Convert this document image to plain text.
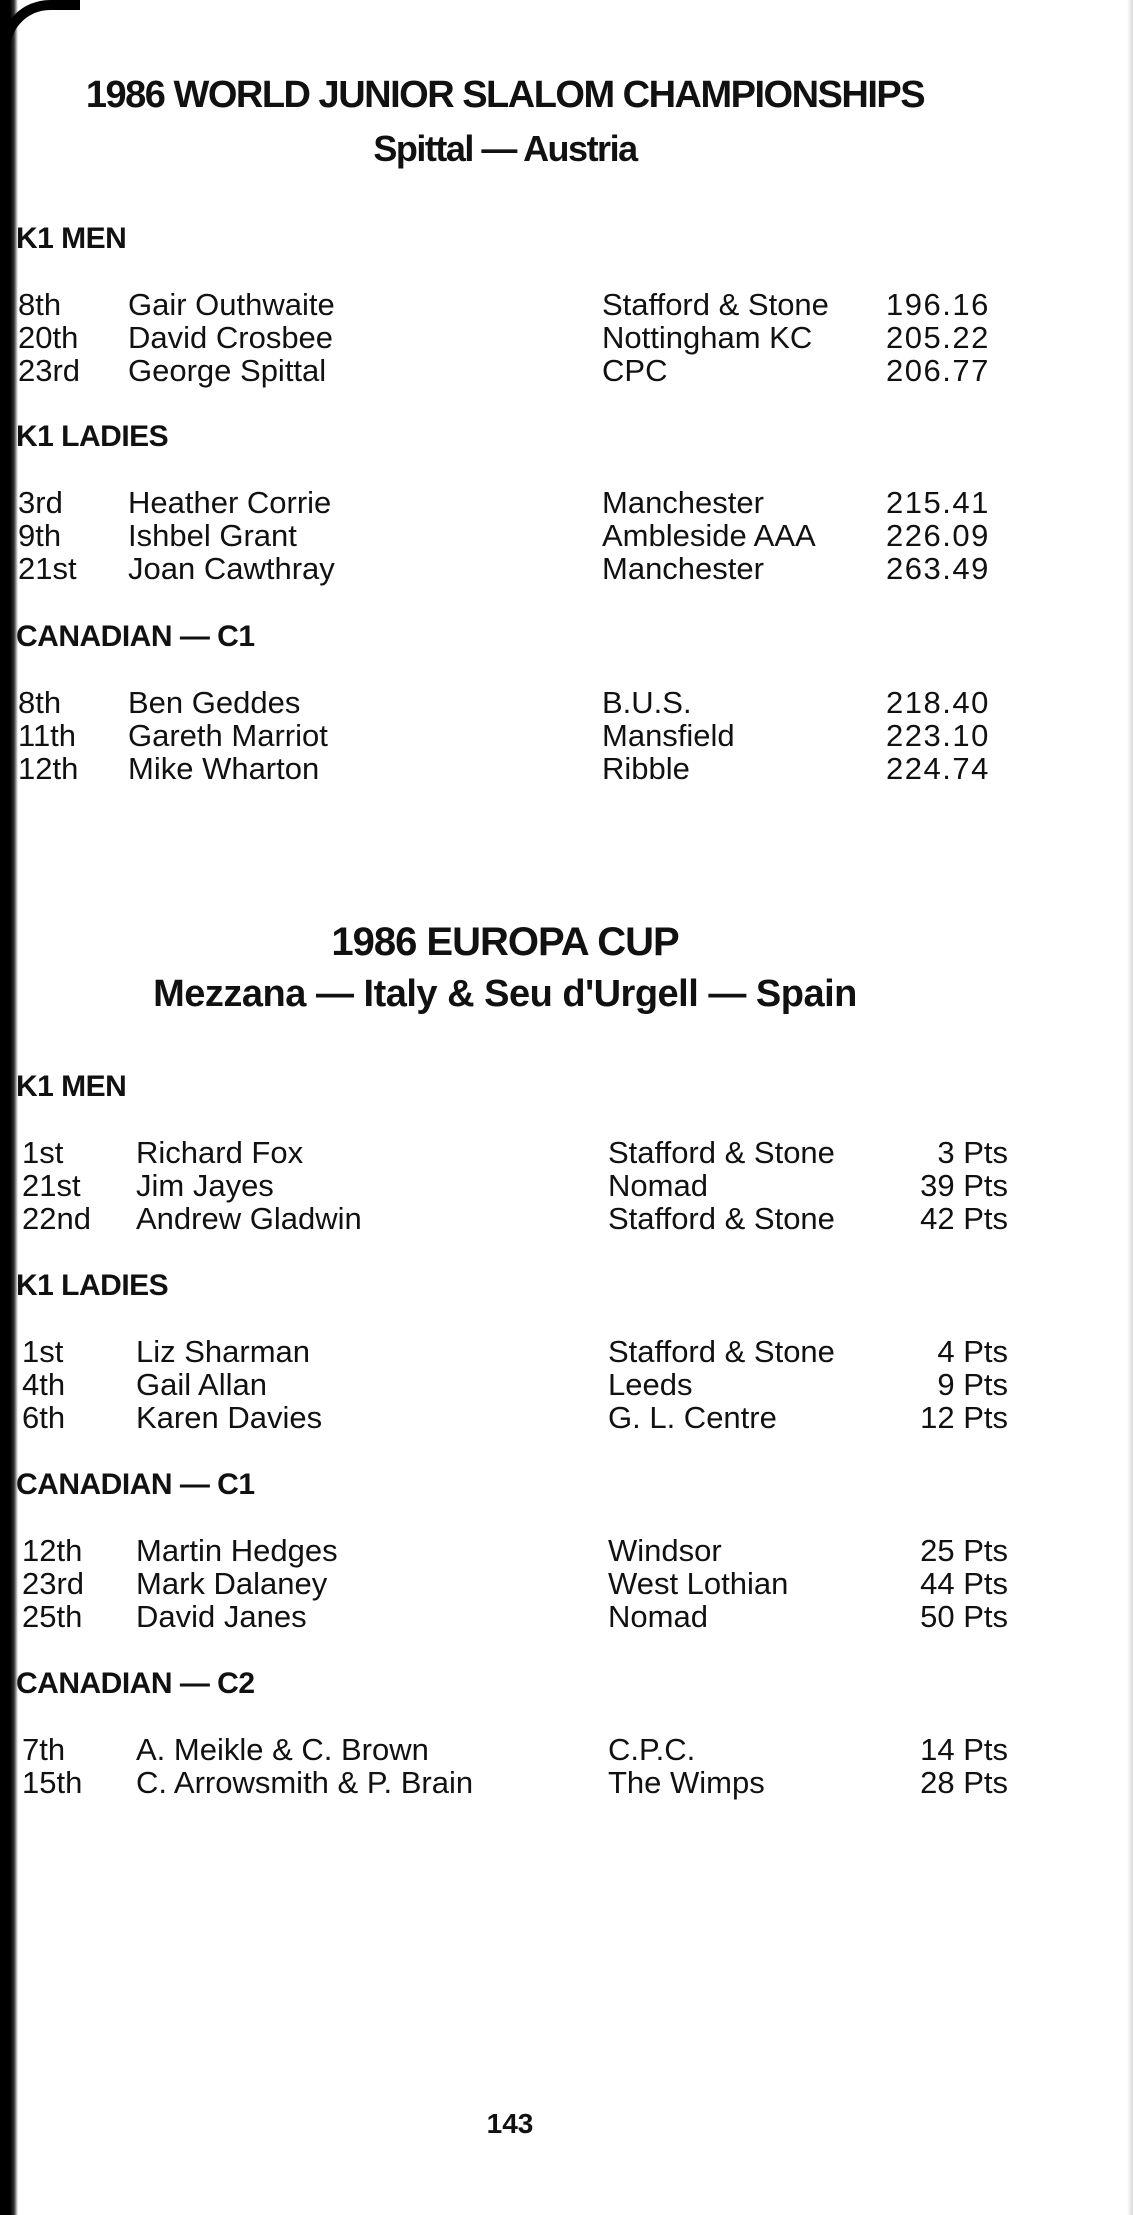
1986 WORLD JUNIOR SLALOM CHAMPIONSHIPS
Spittal — Austria
K1 MEN
8th Gair Outhwaite	Stafford & Stone 196.16
20th David Crosbee	Nottingham KC 205.22
23rd George Spittal	CPC	206.77
K1 LADIES
3rd Heather Corrie	Manchester	215.41
9th Ishbel Grant	Ambleside AAA 226.09
21st Joan Cawthray	Manchester	263.49
CANADIAN — C1
8th Ben Geddes	B.U.S.	218.40
11th Gareth Marriot	Mansfield	223.10
12th Mike Wharton	Ribble	224.74
1986 EUROPA CUP
Mezzana — Italy & Seu d'Urgell — Spain
K1 MEN
1st Richard Fox	Stafford & Stone	3 Pts
21st Jim Jayes	Nomad	39 Pts
22nd Andrew Gladwin	Stafford & Stone	42 Pts
K1 LADIES
1st Liz Sharman	Stafford & Stone	4 Pts
4th Gail Allan	Leeds	9 Pts
6th Karen Davies	G. L. Centre	12 Pts
CANADIAN — C1
12th Martin Hedges	Windsor	25 Pts
23rd Mark Dalaney	West Lothian	44 Pts
25th David Janes	Nomad	50 Pts
CANADIAN — C2
7th A. Meikle & C. Brown	C.P.C.	14 Pts
15th C. Arrowsmith & P. Brain	The Wimps	28 Pts
143
